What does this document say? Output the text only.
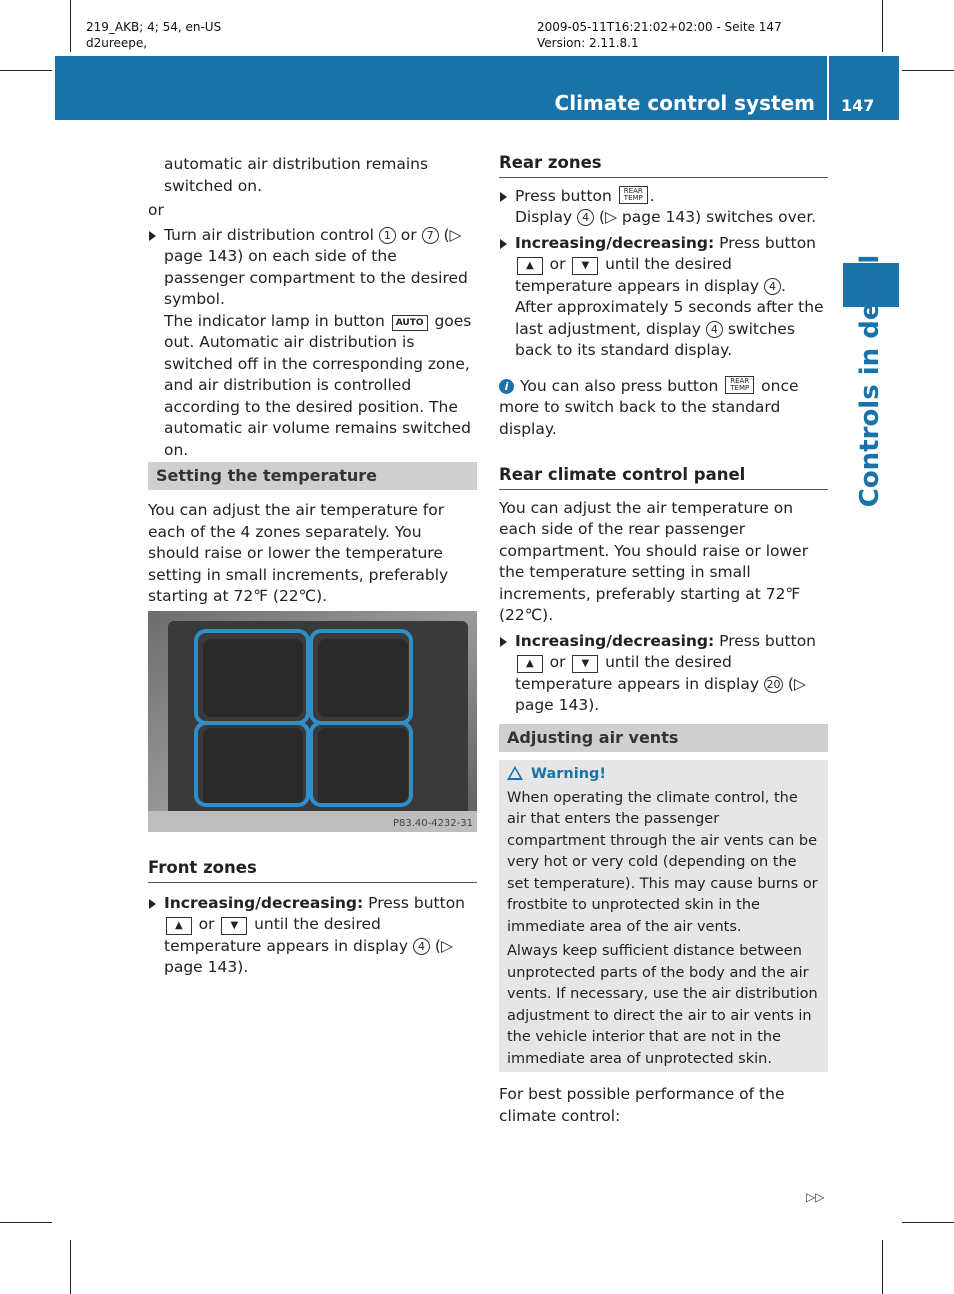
219_AKB; 4; 54, en-US
d2ureepe,
2009-05-11T16:21:02+02:00 - Seite 147
Version: 2.11.8.1
Climate control system 147
Controls in detail

automatic air distribution remains switched on.

or

Turn air distribution control 1 or 7 (▷ page 143) on each side of the passenger compartment to the desired symbol.
The indicator lamp in button AUTO goes out. Automatic air distribution is switched off in the corresponding zone, and air distribution is controlled according to the desired position. The automatic air volume remains switched on.
Setting the temperature

You can adjust the air temperature for each of the 4 zones separately. You should raise or lower the temperature setting in small increments, preferably starting at 72℉ (22℃).

P83.40-4232-31
Front zones
Increasing/decreasing: Press button
▲ or ▼ until the desired temperature appears in display 4 (▷ page 143).
Rear zones
Press button REAR
TEMP .
Display 4 (▷ page 143) switches over.
Increasing/decreasing: Press button
▲ or ▼ until the desired temperature appears in display 4 .
After approximately 5 seconds after the last adjustment, display 4 switches back to its standard display.
i You can also press button REAR
TEMP once more to switch back to the standard display.
Rear climate control panel

You can adjust the air temperature on each side of the rear passenger compartment. You should raise or lower the temperature setting in small increments, preferably starting at 72℉ (22℃).

Increasing/decreasing: Press button
▲ or ▼ until the desired temperature appears in display 20 (▷ page 143).
Adjusting air vents
Warning!

When operating the climate control, the air that enters the passenger compartment through the air vents can be very hot or very cold (depending on the set temperature). This may cause burns or frostbite to unprotected skin in the immediate area of the air vents.

Always keep sufficient distance between unprotected parts of the body and the air vents. If necessary, use the air distribution adjustment to direct the air to air vents in the vehicle interior that are not in the immediate area of unprotected skin.

For best possible performance of the climate control:

▷▷
